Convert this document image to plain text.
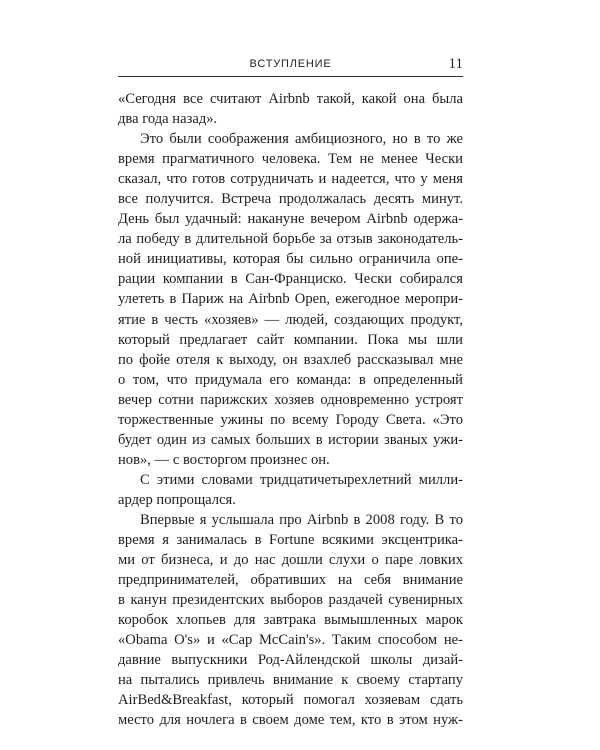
ВСТУПЛЕНИЕ	11
«Сегодня все считают Airbnb такой, какой она была
два года назад».
Это были соображения амбициозного, но в то же
время прагматичного человека. Тем не менее Чески
сказал, что готов сотрудничать и надеется, что у меня
все получится. Встреча продолжалась десять минут.
День был удачный: накануне вечером Airbnb одержа-
ла победу в длительной борьбе за отзыв законодатель-
ной инициативы, которая бы сильно ограничила опе-
рации компании в Сан-Франциско. Чески собирался
улететь в Париж на Airbnb Open, ежегодное меропри-
ятие в честь «хозяев» — людей, создающих продукт,
который предлагает сайт компании. Пока мы шли
по фойе отеля к выходу, он взахлеб рассказывал мне
о том, что придумала его команда: в определенный
вечер сотни парижских хозяев одновременно устроят
торжественные ужины по всему Городу Света. «Это
будет один из самых больших в истории званых ужи-
нов», — с восторгом произнес он.
С этими словами тридцатичетырехлетний милли-
ардер попрощался.
Впервые я услышала про Airbnb в 2008 году. В то
время я занималась в Fortune всякими эксцентрика-
ми от бизнеса, и до нас дошли слухи о паре ловких
предпринимателей, обративших на себя внимание
в канун президентских выборов раздачей сувенирных
коробок хлопьев для завтрака вымышленных марок
«Obama O's» и «Cap McCain's». Таким способом не-
давние выпускники Род-Айлендской школы дизай-
на пытались привлечь внимание к своему стартапу
AirBed&Breakfast, который помогал хозяевам сдать
место для ночлега в своем доме тем, кто в этом нуж-
